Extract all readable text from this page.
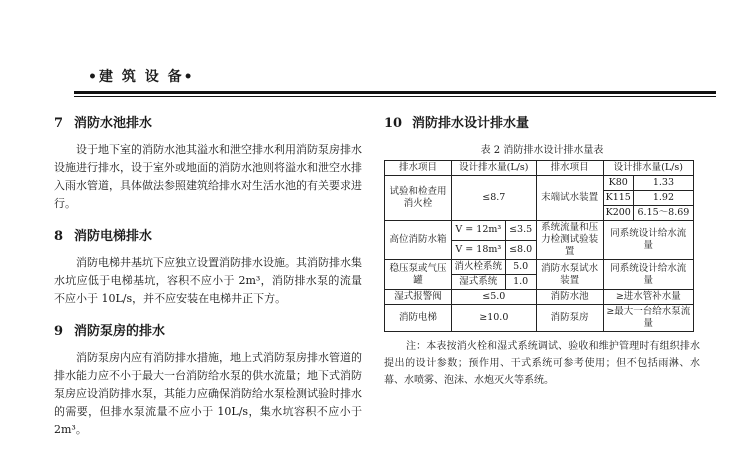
•建 筑 设 备•
7 消防水池排水

设于地下室的消防水池其溢水和泄空排水利用消防泵房排水设施进行排水，设于室外或地面的消防水池则将溢水和泄空水排入雨水管道，具体做法参照建筑给排水对生活水池的有关要求进行。

8 消防电梯排水

消防电梯井基坑下应独立设置消防排水设施。其消防排水集水坑应低于电梯基坑，容积不应小于 2m³，消防排水泵的流量不应小于 10L/s，并不应安装在电梯井正下方。

9 消防泵房的排水

消防泵房内应有消防排水措施，地上式消防泵房排水管道的排水能力应不小于最大一台消防给水泵的供水流量；地下式消防泵房应设消防排水泵，其能力应确保消防给水泵检测试验时排水的需要，但排水泵流量不应小于 10L/s，集水坑容积不应小于 2m³。

10 消防排水设计排水量
表 2 消防排水设计排水量表
排水项目	设计排水量(L/s)		排水项目	设计排水量(L/s)	
试验和检查用消火栓	≤8.7		末端试水装置	K80	1.33
				K115	1.92
				K200	6.15～8.69
高位消防水箱	V = 12m³	≤3.5	系统流量和压力检测试验装置	同系统设计给水流量	
	V = 18m³	≤8.0			
稳压泵或气压罐	消火栓系统	5.0	消防水泵试水装置	同系统设计给水流量	
	湿式系统	1.0			
湿式报警阀	≤5.0		消防水池	≥进水管补水量	
消防电梯	≥10.0		消防泵房	≥最大一台给水泵流量	
注：本表按消火栓和湿式系统调试、验收和维护管理时有组织排水提出的设计参数；预作用、干式系统可参考使用；但不包括雨淋、水幕、水喷雾、泡沫、水炮灭火等系统。
